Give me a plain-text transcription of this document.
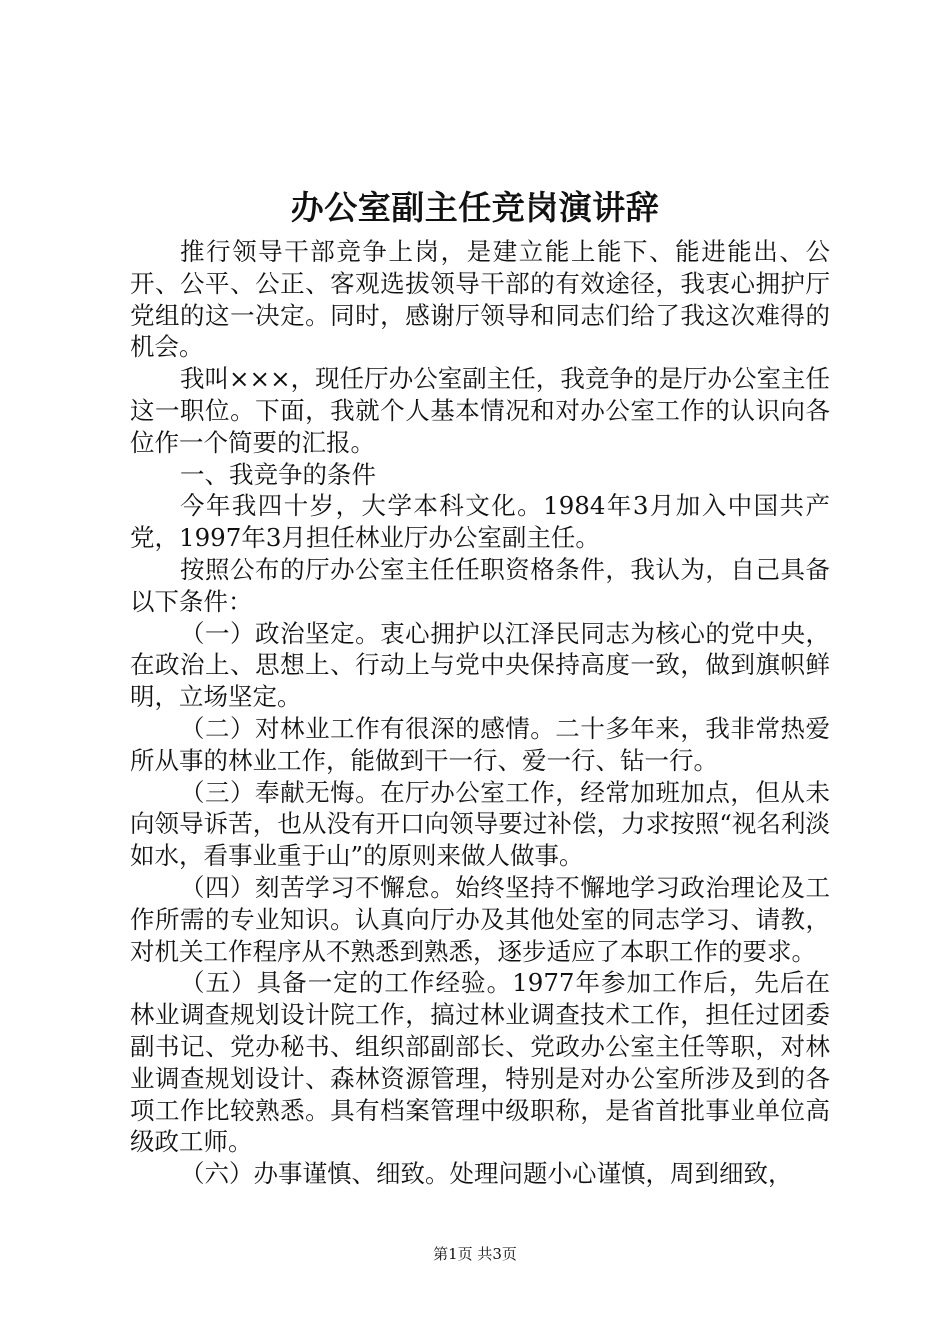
办公室副主任竞岗演讲辞

推行领导干部竞争上岗，是建立能上能下、能进能出、公开、公平、公正、客观选拔领导干部的有效途径，我衷心拥护厅党组的这一决定。同时，感谢厅领导和同志们给了我这次难得的机会。

我叫×××，现任厅办公室副主任，我竞争的是厅办公室主任这一职位。下面，我就个人基本情况和对办公室工作的认识向各位作一个简要的汇报。

一、我竞争的条件

今年我四十岁，大学本科文化。1984年3月加入中国共产党，1997年3月担任林业厅办公室副主任。

按照公布的厅办公室主任任职资格条件，我认为，自己具备以下条件：

（一）政治坚定。衷心拥护以江泽民同志为核心的党中央，在政治上、思想上、行动上与党中央保持高度一致，做到旗帜鲜明，立场坚定。

（二）对林业工作有很深的感情。二十多年来，我非常热爱所从事的林业工作，能做到干一行、爱一行、钻一行。

（三）奉献无悔。在厅办公室工作，经常加班加点，但从未向领导诉苦，也从没有开口向领导要过补偿，力求按照“视名利淡如水，看事业重于山”的原则来做人做事。

（四）刻苦学习不懈怠。始终坚持不懈地学习政治理论及工作所需的专业知识。认真向厅办及其他处室的同志学习、请教，对机关工作程序从不熟悉到熟悉，逐步适应了本职工作的要求。

（五）具备一定的工作经验。1977年参加工作后，先后在林业调查规划设计院工作，搞过林业调查技术工作，担任过团委副书记、党办秘书、组织部副部长、党政办公室主任等职，对林业调查规划设计、森林资源管理，特别是对办公室所涉及到的各项工作比较熟悉。具有档案管理中级职称，是省首批事业单位高级政工师。

（六）办事谨慎、细致。处理问题小心谨慎，周到细致，

第1页 共3页
